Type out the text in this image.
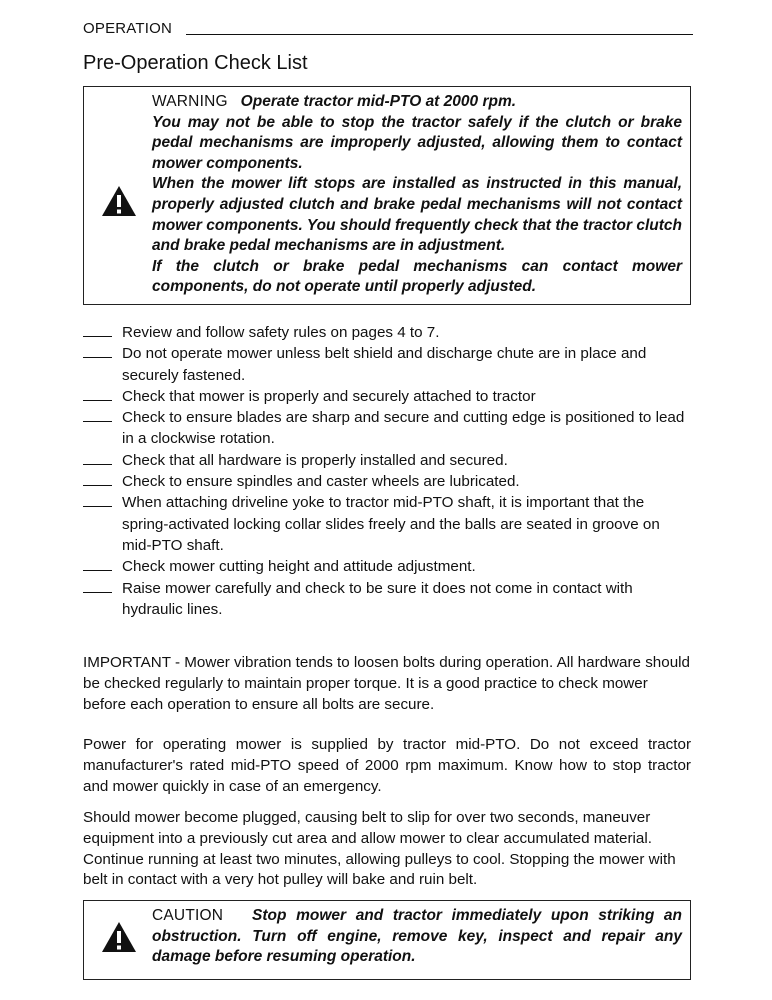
OPERATION
Pre-Operation Check List
WARNING Operate tractor mid-PTO at 2000 rpm.
You may not be able to stop the tractor safely if the clutch or brake pedal mechanisms are improperly adjusted, allowing them to contact mower components.
When the mower lift stops are installed as instructed in this manual, properly adjusted clutch and brake pedal mechanisms will not contact mower components. You should frequently check that the tractor clutch and brake pedal mechanisms are in adjustment.
If the clutch or brake pedal mechanisms can contact mower components, do not operate until properly adjusted.
Review and follow safety rules on pages 4 to 7.
Do not operate mower unless belt shield and discharge chute are in place and securely fastened.
Check that mower is properly and securely attached to tractor
Check to ensure blades are sharp and secure and cutting edge is positioned to lead in a clockwise rotation.
Check that all hardware is properly installed and secured.
Check to ensure spindles and caster wheels are lubricated.
When attaching driveline yoke to tractor mid-PTO shaft, it is important that the spring-activated locking collar slides freely and the balls are seated in groove on mid-PTO shaft.
Check mower cutting height and attitude adjustment.
Raise mower carefully and check to be sure it does not come in contact with hydraulic lines.

IMPORTANT - Mower vibration tends to loosen bolts during operation. All hardware should be checked regularly to maintain proper torque. It is a good practice to check mower before each operation to ensure all bolts are secure.

Power for operating mower is supplied by tractor mid-PTO. Do not exceed tractor manufacturer's rated mid-PTO speed of 2000 rpm maximum. Know how to stop tractor and mower quickly in case of an emergency.

Should mower become plugged, causing belt to slip for over two seconds, maneuver equipment into a previously cut area and allow mower to clear accumulated material. Continue running at least two minutes, allowing pulleys to cool. Stopping the mower with belt in contact with a very hot pulley will bake and ruin belt.

CAUTION Stop mower and tractor immediately upon striking an obstruction. Turn off engine, remove key, inspect and repair any damage before resuming operation.
